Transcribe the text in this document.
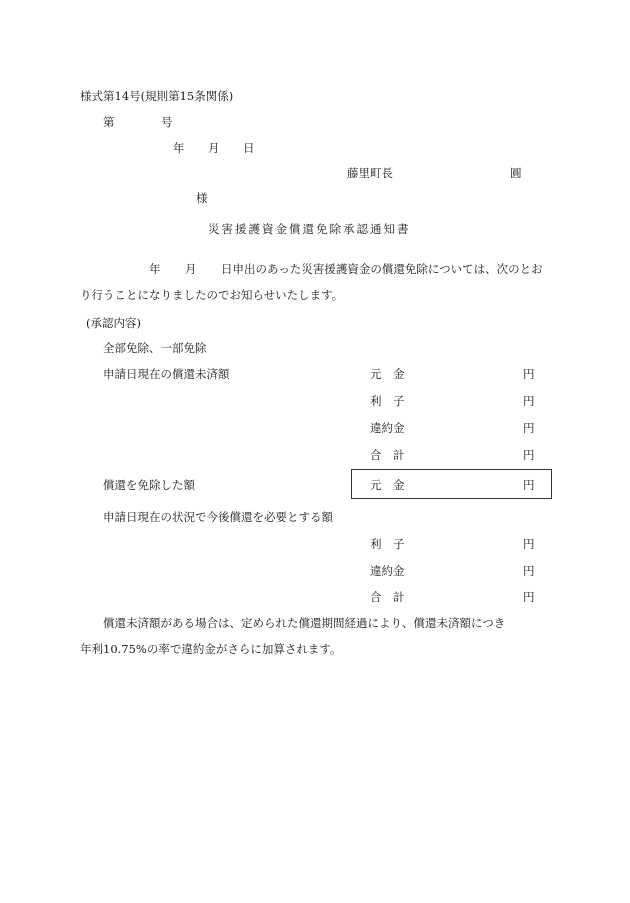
様式第14号(規則第15条関係)
第	号
年 月 日
藤里町長	圓
様
災害援護資金償還免除承認通知書
年 月 日申出のあった災害援護資金の償還免除については、次のとお
り行うことになりましたのでお知らせいたします。
(承認内容)
全部免除、一部免除
申請日現在の償還未済額	元　金	円
利　子	円
違約金	円
合　計	円
償還を免除した額	元　金	円
申請日現在の状況で今後償還を必要とする額
利　子	円
違約金	円
合　計	円
償還未済額がある場合は、定められた償還期間経過により、償還未済額につき
年利10.75%の率で違約金がさらに加算されます。
